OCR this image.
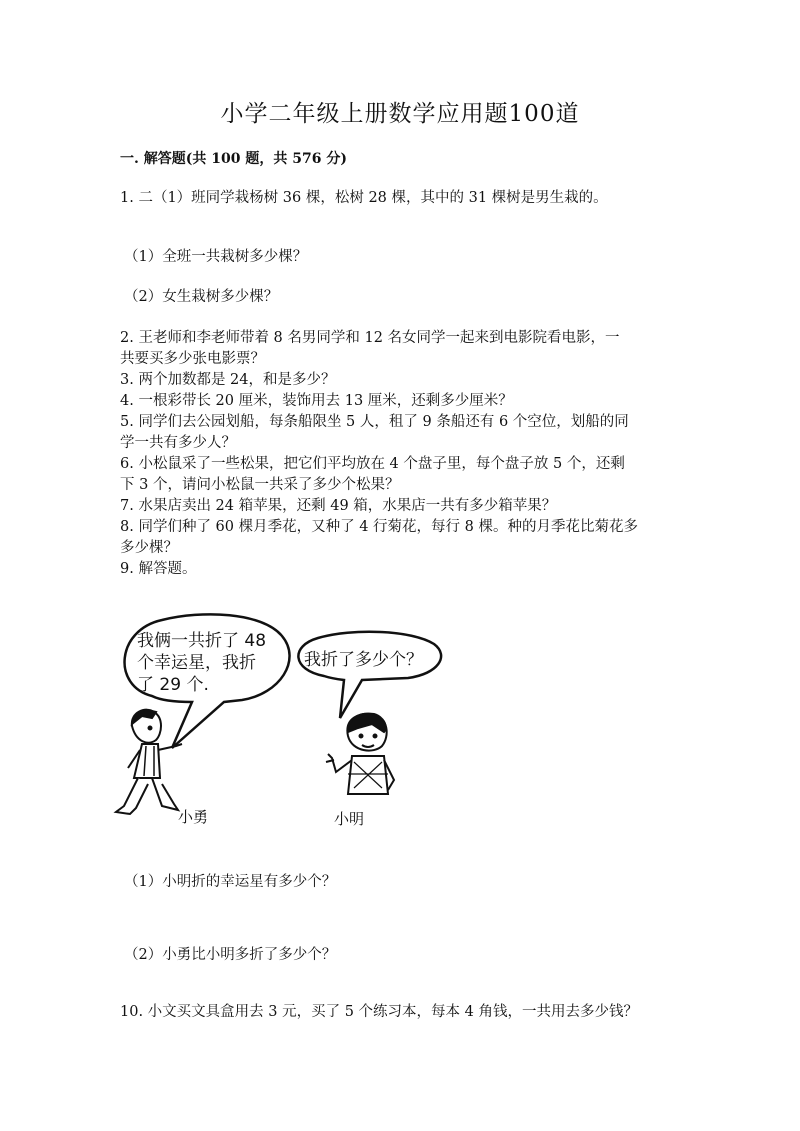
小学二年级上册数学应用题100道
一. 解答题(共 100 题，共 576 分)
1. 二（1）班同学栽杨树 36 棵，松树 28 棵，其中的 31 棵树是男生栽的。
（1）全班一共栽树多少棵？
（2）女生栽树多少棵？
2. 王老师和李老师带着 8 名男同学和 12 名女同学一起来到电影院看电影，一
共要买多少张电影票？
3. 两个加数都是 24，和是多少？
4. 一根彩带长 20 厘米，装饰用去 13 厘米，还剩多少厘米？
5. 同学们去公园划船，每条船限坐 5 人，租了 9 条船还有 6 个空位，划船的同
学一共有多少人？
6. 小松鼠采了一些松果，把它们平均放在 4 个盘子里，每个盘子放 5 个，还剩
下 3 个，请问小松鼠一共采了多少个松果？
7. 水果店卖出 24 箱苹果，还剩 49 箱，水果店一共有多少箱苹果？
8. 同学们种了 60 棵月季花，又种了 4 行菊花，每行 8 棵。种的月季花比菊花多
多少棵？
9. 解答题。
我俩一共折了 48
个幸运星，我折
了 29 个.
我折了多少个？
小勇	小明
（1）小明折的幸运星有多少个？
（2）小勇比小明多折了多少个？
10. 小文买文具盒用去 3 元，买了 5 个练习本，每本 4 角钱，一共用去多少钱？
